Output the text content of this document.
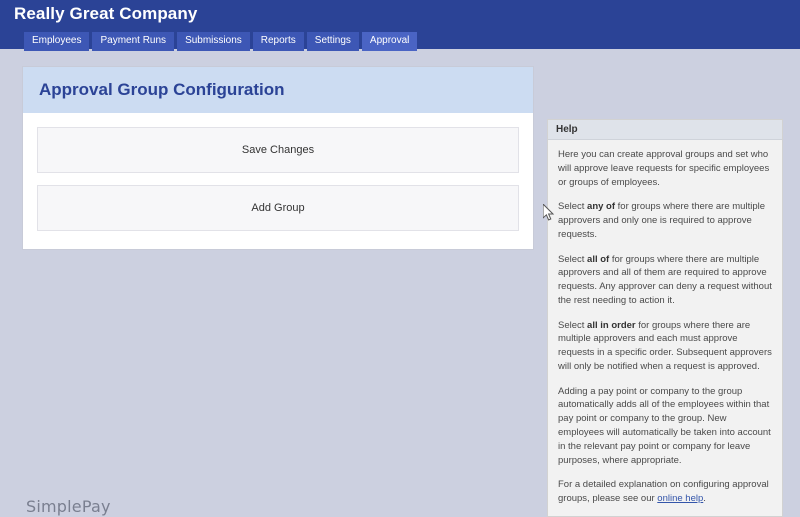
Really Great Company
Employees	Payment Runs	Submissions	Reports	Settings	Approval
Approval Group Configuration
Save Changes
Add Group
Help

Here you can create approval groups and set who will approve leave requests for specific employees or groups of employees.

Select any of for groups where there are multiple approvers and only one is required to approve requests.

Select all of for groups where there are multiple approvers and all of them are required to approve requests. Any approver can deny a request without the rest needing to action it.

Select all in order for groups where there are multiple approvers and each must approve requests in a specific order. Subsequent approvers will only be notified when a request is approved.

Adding a pay point or company to the group automatically adds all of the employees within that pay point or company to the group. New employees will automatically be taken into account in the relevant pay point or company for leave purposes, where appropriate.

For a detailed explanation on configuring approval groups, please see our online help.

SimplePay
